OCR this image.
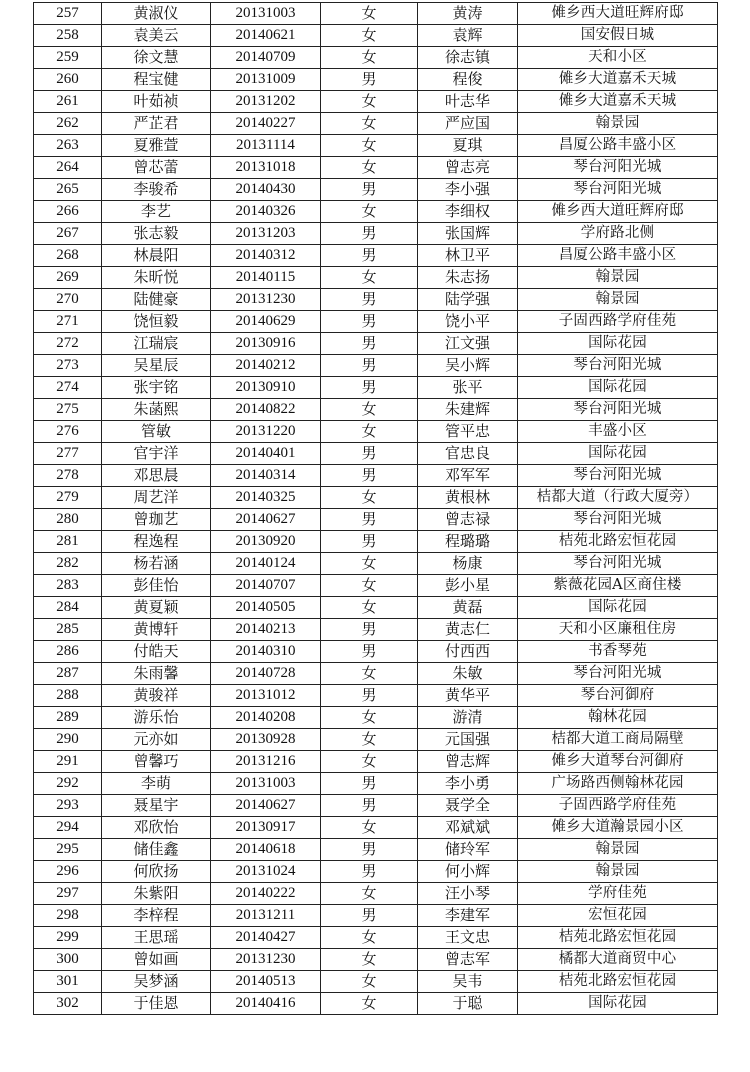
257	黄淑仪	20131003	女	黄涛	傩乡西大道旺辉府邸
258	袁美云	20140621	女	袁辉	国安假日城
259	徐文慧	20140709	女	徐志镇	天和小区
260	程宝健	20131009	男	程俊	傩乡大道嘉禾天城
261	叶茹祯	20131202	女	叶志华	傩乡大道嘉禾天城
262	严芷君	20140227	女	严应国	翰景园
263	夏雅萱	20131114	女	夏琪	昌厦公路丰盛小区
264	曾芯蕾	20131018	女	曾志亮	琴台河阳光城
265	李骏希	20140430	男	李小强	琴台河阳光城
266	李艺	20140326	女	李细权	傩乡西大道旺辉府邸
267	张志毅	20131203	男	张国辉	学府路北侧
268	林晨阳	20140312	男	林卫平	昌厦公路丰盛小区
269	朱昕悦	20140115	女	朱志扬	翰景园
270	陆健豪	20131230	男	陆学强	翰景园
271	饶恒毅	20140629	男	饶小平	子固西路学府佳苑
272	江瑞宸	20130916	男	江文强	国际花园
273	吴星辰	20140212	男	吴小辉	琴台河阳光城
274	张宇铭	20130910	男	张平	国际花园
275	朱菡熙	20140822	女	朱建辉	琴台河阳光城
276	管敏	20131220	女	管平忠	丰盛小区
277	官宇洋	20140401	男	官忠良	国际花园
278	邓思晨	20140314	男	邓军军	琴台河阳光城
279	周艺洋	20140325	女	黄根林	桔都大道（行政大厦旁）
280	曾珈艺	20140627	男	曾志禄	琴台河阳光城
281	程逸程	20130920	男	程璐璐	桔苑北路宏恒花园
282	杨若涵	20140124	女	杨康	琴台河阳光城
283	彭佳怡	20140707	女	彭小星	紫薇花园A区商住楼
284	黄夏颖	20140505	女	黄磊	国际花园
285	黄博轩	20140213	男	黄志仁	天和小区廉租住房
286	付皓天	20140310	男	付西西	书香琴苑
287	朱雨馨	20140728	女	朱敏	琴台河阳光城
288	黄骏祥	20131012	男	黄华平	琴台河御府
289	游乐怡	20140208	女	游清	翰林花园
290	元亦如	20130928	女	元国强	桔都大道工商局隔壁
291	曾馨巧	20131216	女	曾志辉	傩乡大道琴台河御府
292	李萌	20131003	男	李小勇	广场路西侧翰林花园
293	聂星宇	20140627	男	聂学全	子固西路学府佳苑
294	邓欣怡	20130917	女	邓斌斌	傩乡大道瀚景园小区
295	储佳鑫	20140618	男	储玲军	翰景园
296	何欣扬	20131024	男	何小辉	翰景园
297	朱紫阳	20140222	女	汪小琴	学府佳苑
298	李梓程	20131211	男	李建军	宏恒花园
299	王思瑶	20140427	女	王文忠	桔苑北路宏恒花园
300	曾如画	20131230	女	曾志军	橘都大道商贸中心
301	吴梦涵	20140513	女	吴韦	桔苑北路宏恒花园
302	于佳恩	20140416	女	于聪	国际花园
